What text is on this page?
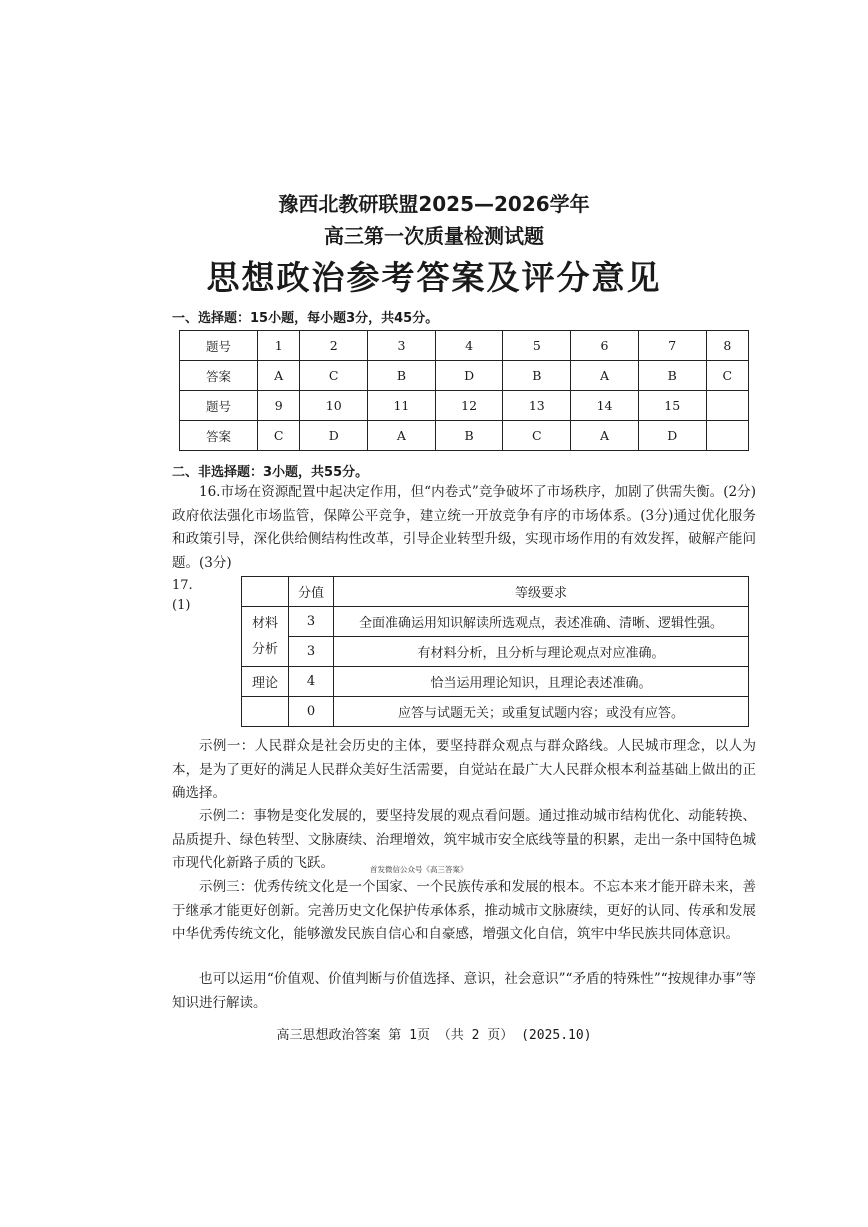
豫西北教研联盟2025—2026学年
高三第一次质量检测试题
思想政治参考答案及评分意见
一、选择题：15小题，每小题3分，共45分。
题号	1	2	3	4	5	6	7	8
答案	A	C	B	D	B	A	B	C
题号	9	10	11	12	13	14	15	
答案	C	D	A	B	C	A	D	
二、非选择题：3小题，共55分。

16.市场在资源配置中起决定作用，但“内卷式”竞争破坏了市场秩序，加剧了供需失衡。(2分)政府依法强化市场监管，保障公平竞争，建立统一开放竞争有序的市场体系。(3分)通过优化服务和政策引导，深化供给侧结构性改革，引导企业转型升级，实现市场作用的有效发挥，破解产能问题。(3分)

17.
(1)
	分值	等级要求

材料
分析	3	全面准确运用知识解读所选观点，表述准确、清晰、逻辑性强。
	3	有材料分析，且分析与理论观点对应准确。
理论	4	恰当运用理论知识，且理论表述准确。
	0	应答与试题无关；或重复试题内容；或没有应答。

示例一：人民群众是社会历史的主体，要坚持群众观点与群众路线。人民城市理念，以人为本，是为了更好的满足人民群众美好生活需要，自觉站在最广大人民群众根本利益基础上做出的正确选择。

示例二：事物是变化发展的，要坚持发展的观点看问题。通过推动城市结构优化、动能转换、品质提升、绿色转型、文脉赓续、治理增效，筑牢城市安全底线等量的积累，走出一条中国特色城市现代化新路子质的飞跃。	首发微信公众号《高三答案》

示例三：优秀传统文化是一个国家、一个民族传承和发展的根本。不忘本来才能开辟未来，善于继承才能更好创新。完善历史文化保护传承体系，推动城市文脉赓续，更好的认同、传承和发展中华优秀传统文化，能够激发民族自信心和自豪感，增强文化自信，筑牢中华民族共同体意识。

也可以运用“价值观、价值判断与价值选择、意识，社会意识”“矛盾的特殊性”“按规律办事”等知识进行解读。

高三思想政治答案 第 1页 （共 2 页） (2025.10)
